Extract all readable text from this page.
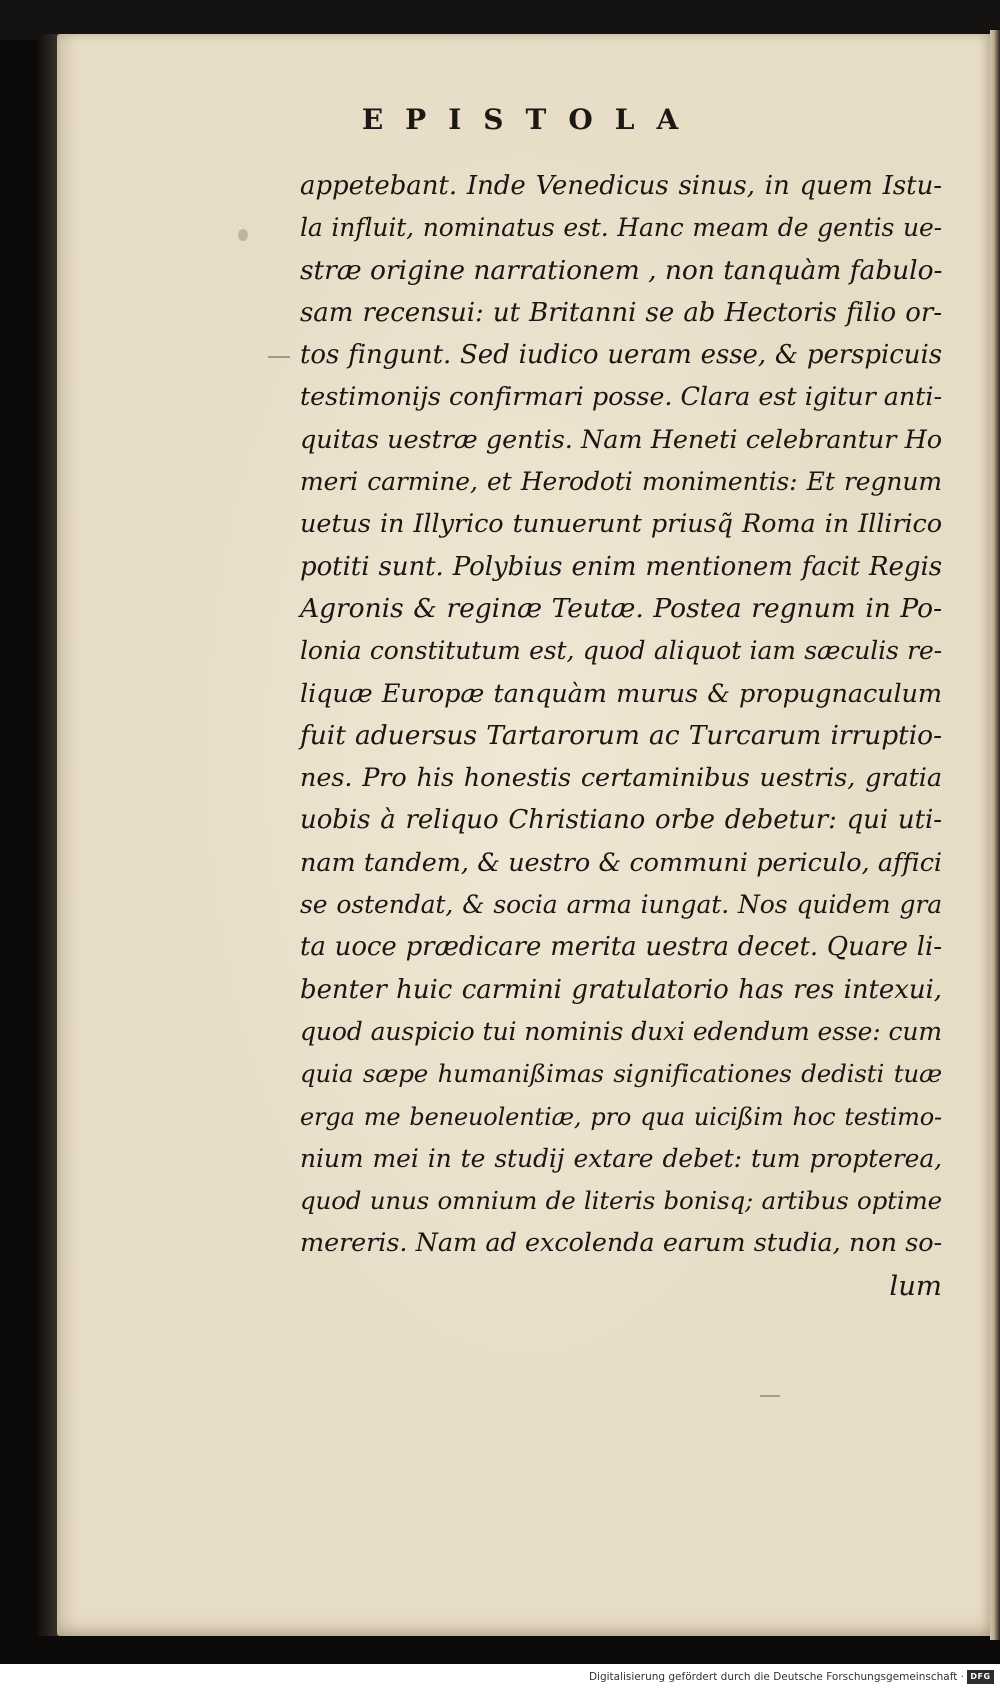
EPISTOLA
appetebant. Inde Venedicus sinus, in quem Istu-
la influit, nominatus est. Hanc meam de gentis ue-
stræ origine narrationem , non tanquàm fabulo-
sam recensui: ut Britanni se ab Hectoris filio or-
tos fingunt. Sed iudico ueram esse, & perspicuis
testimonijs confirmari posse. Clara est igitur anti-
quitas uestræ gentis. Nam Heneti celebrantur Ho
meri carmine, et Herodoti monimentis: Et regnum
uetus in Illyrico tunuerunt priusq̃ Roma in Illirico
potiti sunt. Polybius enim mentionem facit Regis
Agronis & reginæ Teutæ. Postea regnum in Po-
lonia constitutum est, quod aliquot iam sæculis re-
liquæ Europæ tanquàm murus & propugnaculum
fuit aduersus Tartarorum ac Turcarum irruptio-
nes. Pro his honestis certaminibus uestris, gratia
uobis à reliquo Christiano orbe debetur: qui uti-
nam tandem, & uestro & communi periculo, affici
se ostendat, & socia arma iungat. Nos quidem gra
ta uoce prædicare merita uestra decet. Quare li-
benter huic carmini gratulatorio has res intexui,
quod auspicio tui nominis duxi edendum esse: cum
quia sæpe humanißimas significationes dedisti tuæ
erga me beneuolentiæ, pro qua uicißim hoc testimo-
nium mei in te studij extare debet: tum propterea,
quod unus omnium de literis bonisq; artibus optime
mereris. Nam ad excolenda earum studia, non so-
lum
Digitalisierung gefördert durch die Deutsche Forschungsgemeinschaft · DFG
